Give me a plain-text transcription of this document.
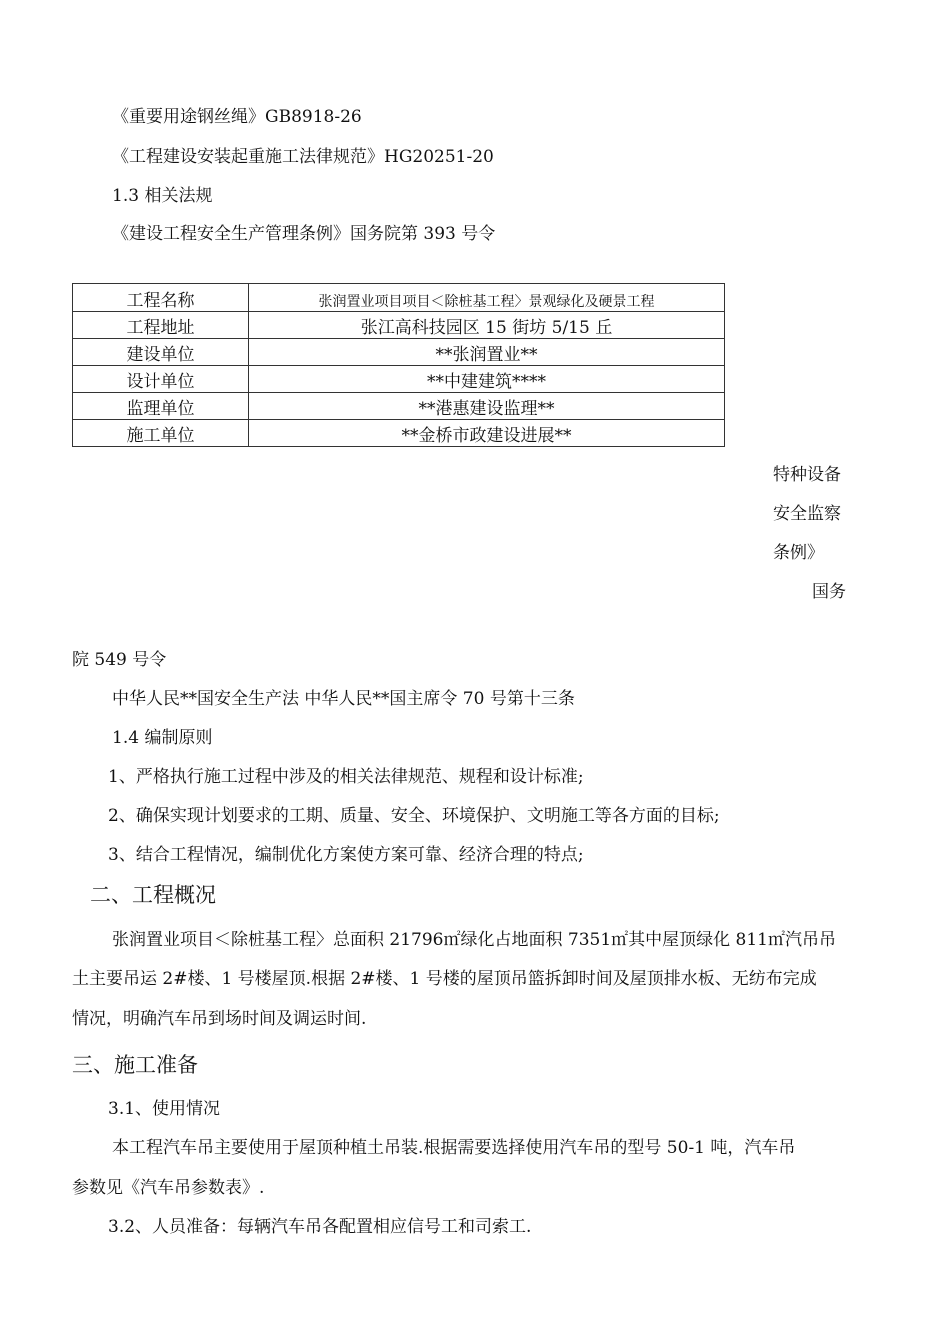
《重要用途钢丝绳》GB8918-26
《工程建设安装起重施工法律规范》HG20251-20
1.3 相关法规
《建设工程安全生产管理条例》国务院第 393 号令
工程名称	张润置业项目项目＜除桩基工程〉景观绿化及硬景工程
工程地址	张江高科技园区 15 街坊 5/15 丘
建设单位	**张润置业**
设计单位	**中建建筑****
监理单位	**港惠建设监理**
施工单位	**金桥市政建设进展**
特种设备
安全监察
条例》
国务
院 549 号令
中华人民**国安全生产法 中华人民**国主席令 70 号第十三条
1.4 编制原则
1、严格执行施工过程中涉及的相关法律规范、规程和设计标准;
2、确保实现计划要求的工期、质量、安全、环境保护、文明施工等各方面的目标;
3、结合工程情况，编制优化方案使方案可靠、经济合理的特点;
二、工程概况
张润置业项目＜除桩基工程〉总面积 21796㎡绿化占地面积 7351㎡其中屋顶绿化 811㎡汽吊吊
土主要吊运 2#楼、1 号楼屋顶.根据 2#楼、1 号楼的屋顶吊篮拆卸时间及屋顶排水板、无纺布完成
情况，明确汽车吊到场时间及调运时间.
三、施工准备
3.1、使用情况
本工程汽车吊主要使用于屋顶种植土吊装.根据需要选择使用汽车吊的型号 50-1 吨，汽车吊
参数见《汽车吊参数表》.
3.2、人员准备：每辆汽车吊各配置相应信号工和司索工.
